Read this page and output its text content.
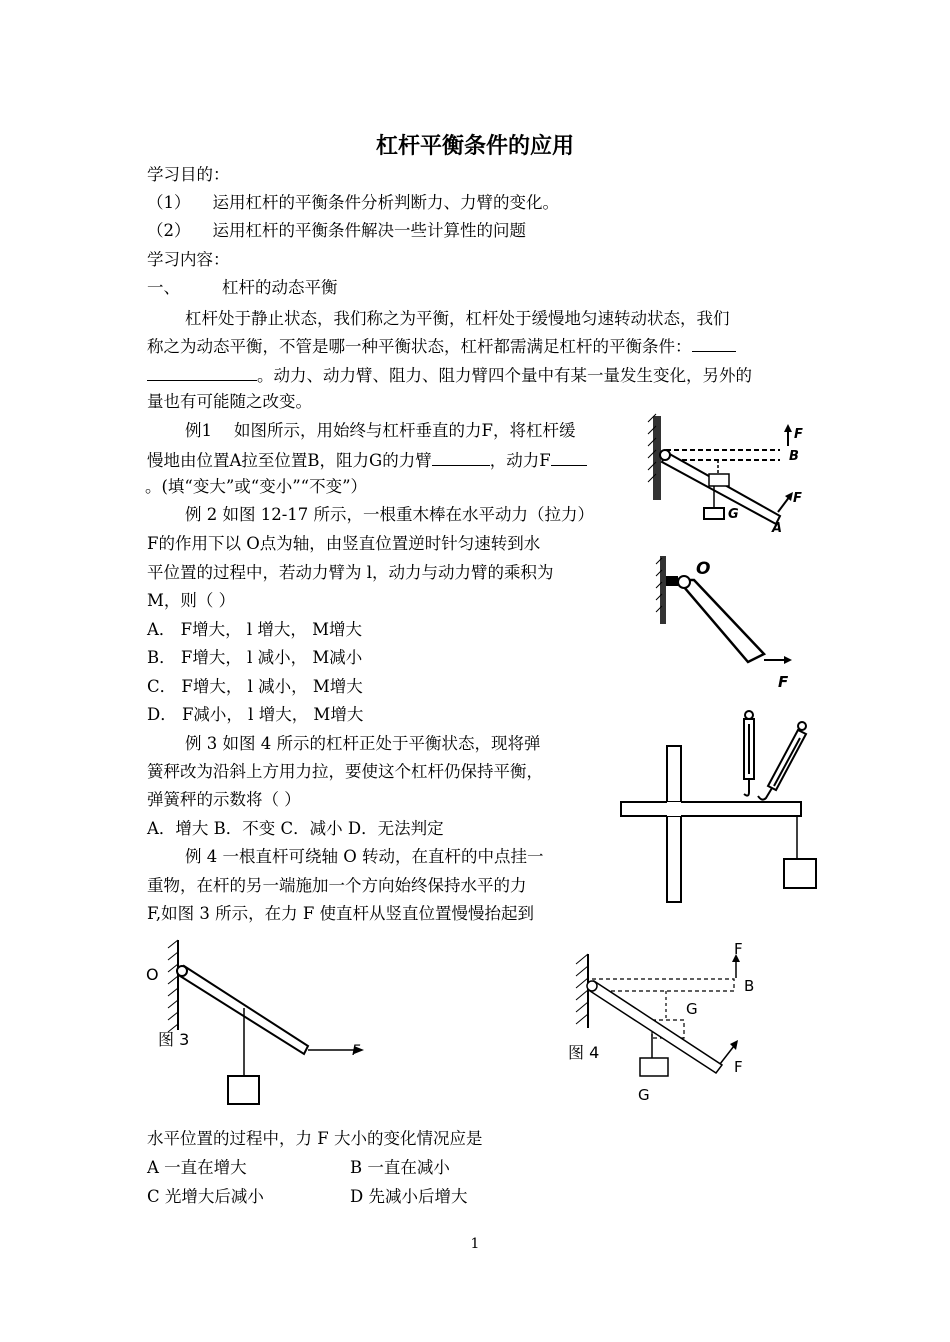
杠杆平衡条件的应用
学习目的：
（1） 运用杠杆的平衡条件分析判断力、力臂的变化。
（2） 运用杠杆的平衡条件解决一些计算性的问题
学习内容：
一、	杠杆的动态平衡
杠杆处于静止状态，我们称之为平衡，杠杆处于缓慢地匀速转动状态，我们
称之为动态平衡，不管是哪一种平衡状态，杠杆都需满足杠杆的平衡条件：
。动力、动力臂、阻力、阻力臂四个量中有某一量发生变化，另外的
量也有可能随之改变。
例1 如图所示，用始终与杠杆垂直的力F，将杠杆缓
慢地由位置A拉至位置B，阻力G的力臂	，动力F
。(填“变大”或“变小”“不变”）
例 2 如图 12-17 所示，一根重木棒在水平动力（拉力）
F的作用下以 O点为轴，由竖直位置逆时针匀速转到水
平位置的过程中，若动力臂为 l，动力与动力臂的乘积为
M，则（ ）
A． F增大， l 增大， M增大
B． F增大， l 减小， M减小
C． F增大， l 减小， M增大
D． F减小， l 增大， M增大
例 3 如图 4 所示的杠杆正处于平衡状态，现将弹
簧秤改为沿斜上方用力拉，要使这个杠杆仍保持平衡，
弹簧秤的示数将（ ）
A．增大 B．不变 C．减小 D．无法判定
例 4 一根直杆可绕轴 O 转动，在直杆的中点挂一
重物，在杆的另一端施加一个方向始终保持水平的力
F,如图 3 所示，在力 F 使直杆从竖直位置慢慢抬起到
水平位置的过程中，力 F 大小的变化情况应是
A 一直在增大	B 一直在减小
C 光增大后减小	D 先减小后增大
F
B
G
F
A
O
F
O
图 3
F
F
B
G
图 4
F
G
1
